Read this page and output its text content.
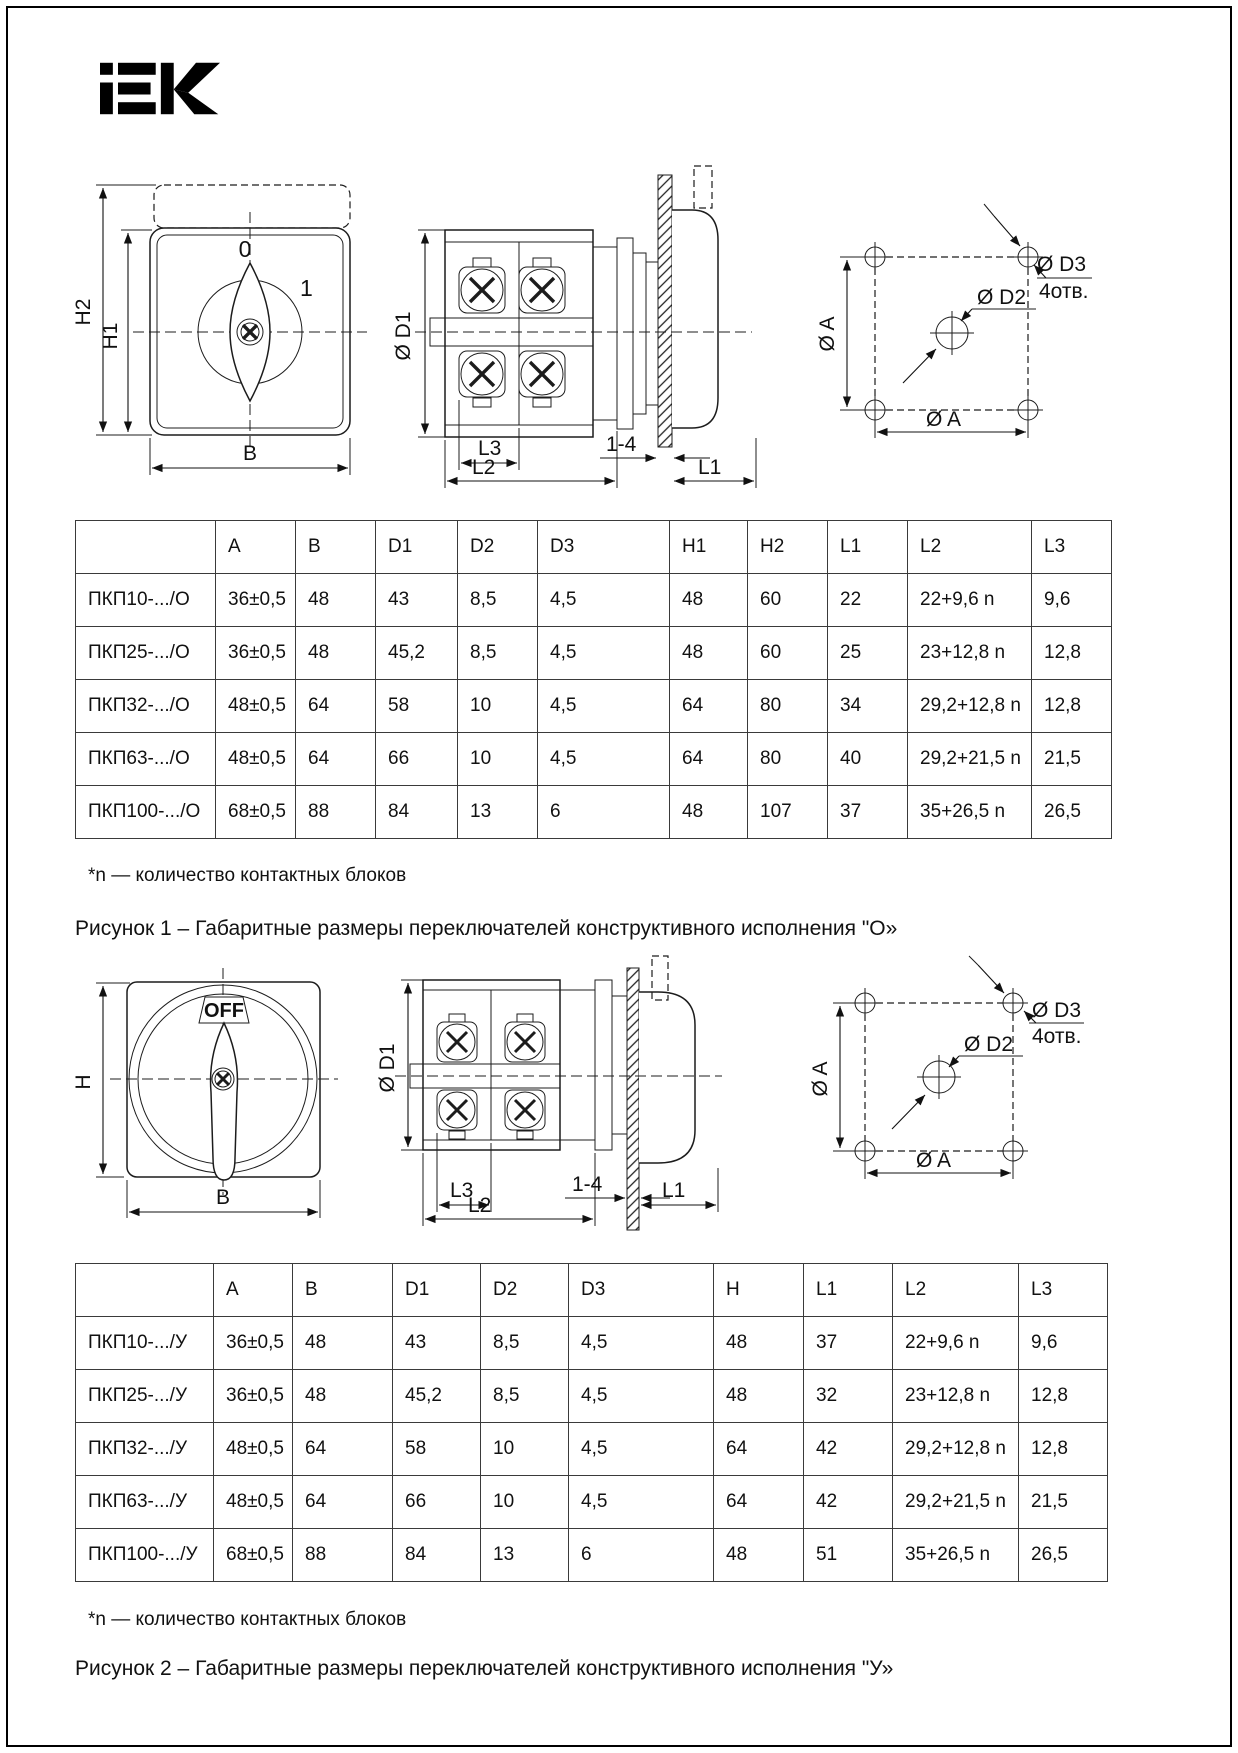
H2
H1
0
1
B
Ø D1
L3
L2
1-4
L1
Ø A
Ø A
Ø D2
Ø D3
4отв.
	A	B	D1	D2	D3	H1	H2	L1	L2	L3
ПКП10-.../О	36±0,5	48	43	8,5	4,5	48	60	22	22+9,6 n	9,6
ПКП25-.../О	36±0,5	48	45,2	8,5	4,5	48	60	25	23+12,8 n	12,8
ПКП32-.../О	48±0,5	64	58	10	4,5	64	80	34	29,2+12,8 n	12,8
ПКП63-.../О	48±0,5	64	66	10	4,5	64	80	40	29,2+21,5 n	21,5
ПКП100-.../О	68±0,5	88	84	13	6	48	107	37	35+26,5 n	26,5

*n — количество контактных блоков

Рисунок 1 – Габаритные размеры переключателей конструктивного исполнения "О»

H
OFF
B
Ø D1
L3
L2
1-4	L1
Ø A
Ø A
Ø D2
Ø D3
4отв.
	A	B	D1	D2	D3	H	L1	L2	L3
ПКП10-.../У	36±0,5	48	43	8,5	4,5	48	37	22+9,6 n	9,6
ПКП25-.../У	36±0,5	48	45,2	8,5	4,5	48	32	23+12,8 n	12,8
ПКП32-.../У	48±0,5	64	58	10	4,5	64	42	29,2+12,8 n	12,8
ПКП63-.../У	48±0,5	64	66	10	4,5	64	42	29,2+21,5 n	21,5
ПКП100-.../У	68±0,5	88	84	13	6	48	51	35+26,5 n	26,5

*n — количество контактных блоков

Рисунок 2 – Габаритные размеры переключателей конструктивного исполнения "У»
